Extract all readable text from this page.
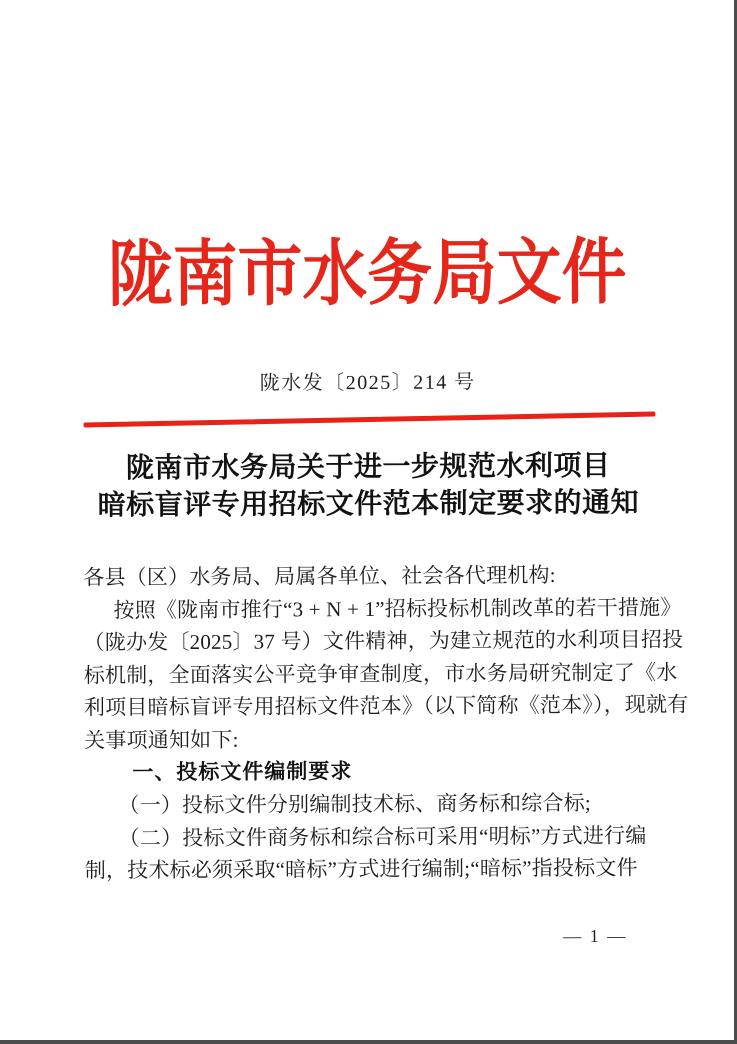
陇南市水务局文件
陇水发〔2025〕214 号
陇南市水务局关于进一步规范水利项目
暗标盲评专用招标文件范本制定要求的通知
各县（区）水务局、局属各单位、社会各代理机构:
按照《陇南市推行“3 + N + 1”招标投标机制改革的若干措施》
（陇办发〔2025〕37 号）文件精神，为建立规范的水利项目招投
标机制，全面落实公平竞争审查制度，市水务局研究制定了《水
利项目暗标盲评专用招标文件范本》（以下简称《范本》），现就有
关事项通知如下:
一、投标文件编制要求
（一）投标文件分别编制技术标、商务标和综合标;
（二）投标文件商务标和综合标可采用“明标”方式进行编
制，技术标必须采取“暗标”方式进行编制;“暗标”指投标文件
— 1 —
